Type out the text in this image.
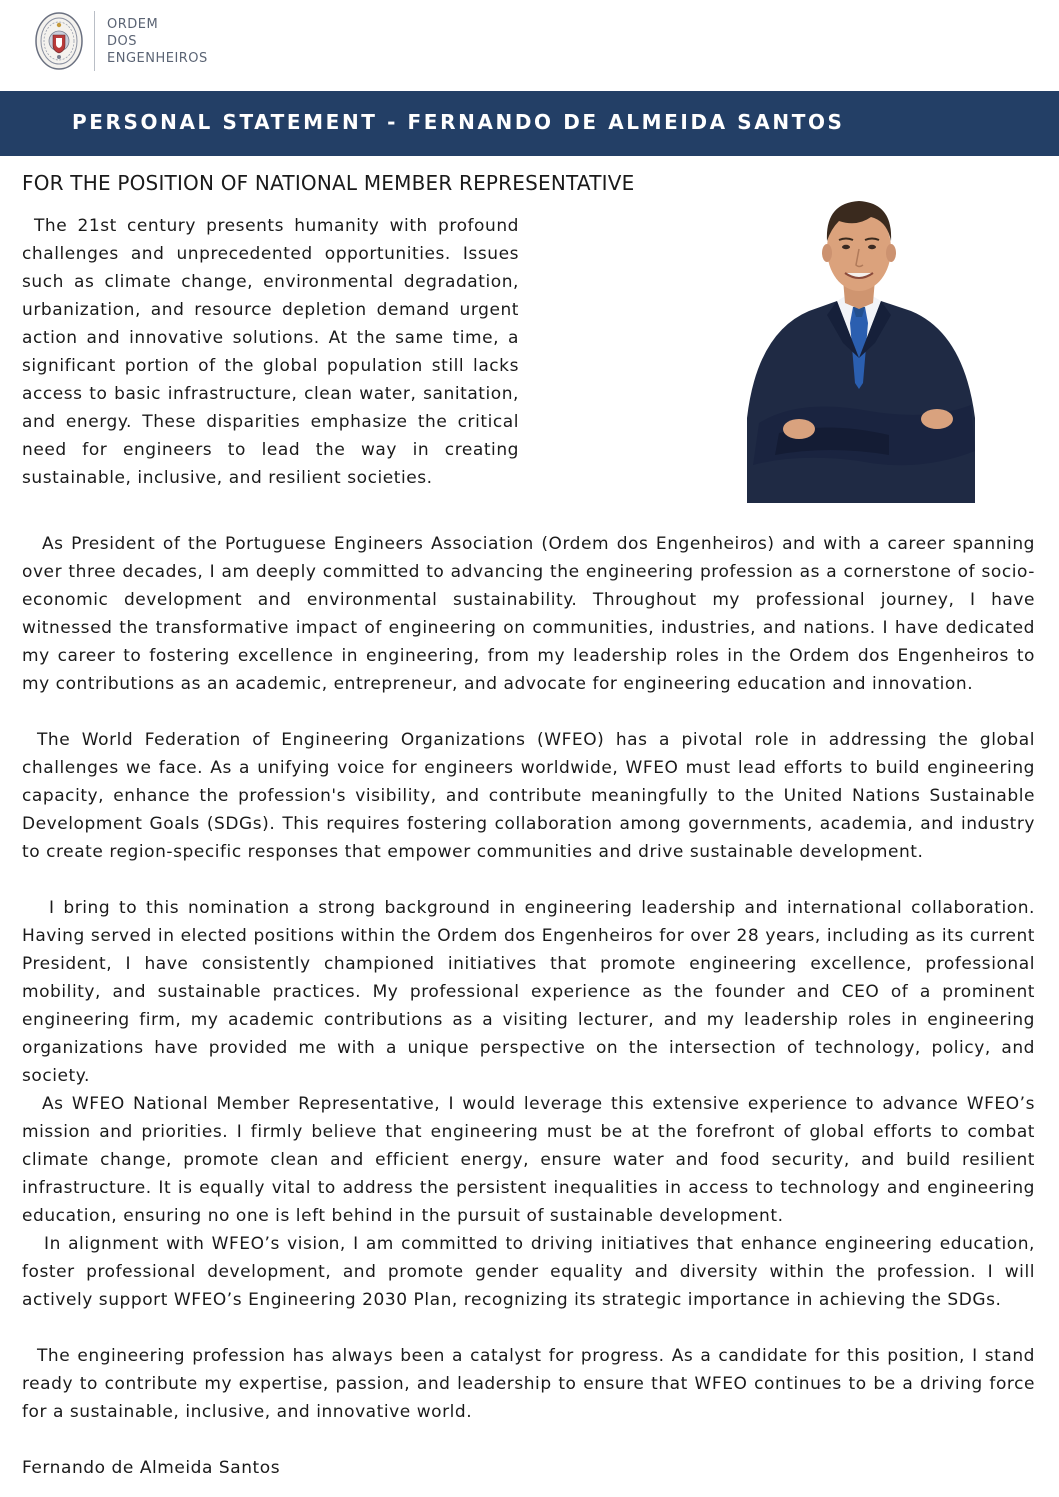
ORDEM
DOS
ENGENHEIROS
PERSONAL STATEMENT - FERNANDO DE ALMEIDA SANTOS
FOR THE POSITION OF NATIONAL MEMBER REPRESENTATIVE

The 21st century presents humanity with profound challenges and unprecedented opportunities. Issues such as climate change, environmental degradation, urbanization, and resource depletion demand urgent action and innovative solutions. At the same time, a significant portion of the global population still lacks access to basic infrastructure, clean water, sanitation, and energy. These disparities emphasize the critical need for engineers to lead the way in creating sustainable, inclusive, and resilient societies.

As President of the Portuguese Engineers Association (Ordem dos Engenheiros) and with a career spanning over three decades, I am deeply committed to advancing the engineering profession as a cornerstone of socio-economic development and environmental sustainability. Throughout my professional journey, I have witnessed the transformative impact of engineering on communities, industries, and nations. I have dedicated my career to fostering excellence in engineering, from my leadership roles in the Ordem dos Engenheiros to my contributions as an academic, entrepreneur, and advocate for engineering education and innovation.

The World Federation of Engineering Organizations (WFEO) has a pivotal role in addressing the global challenges we face. As a unifying voice for engineers worldwide, WFEO must lead efforts to build engineering capacity, enhance the profession's visibility, and contribute meaningfully to the United Nations Sustainable Development Goals (SDGs). This requires fostering collaboration among governments, academia, and industry to create region-specific responses that empower communities and drive sustainable development.

I bring to this nomination a strong background in engineering leadership and international collaboration. Having served in elected positions within the Ordem dos Engenheiros for over 28 years, including as its current President, I have consistently championed initiatives that promote engineering excellence, professional mobility, and sustainable practices. My professional experience as the founder and CEO of a prominent engineering firm, my academic contributions as a visiting lecturer, and my leadership roles in engineering organizations have provided me with a unique perspective on the intersection of technology, policy, and society.

As WFEO National Member Representative, I would leverage this extensive experience to advance WFEO’s mission and priorities. I firmly believe that engineering must be at the forefront of global efforts to combat climate change, promote clean and efficient energy, ensure water and food security, and build resilient infrastructure. It is equally vital to address the persistent inequalities in access to technology and engineering education, ensuring no one is left behind in the pursuit of sustainable development.

In alignment with WFEO’s vision, I am committed to driving initiatives that enhance engineering education, foster professional development, and promote gender equality and diversity within the profession. I will actively support WFEO’s Engineering 2030 Plan, recognizing its strategic importance in achieving the SDGs.

The engineering profession has always been a catalyst for progress. As a candidate for this position, I stand ready to contribute my expertise, passion, and leadership to ensure that WFEO continues to be a driving force for a sustainable, inclusive, and innovative world.

Fernando de Almeida Santos
